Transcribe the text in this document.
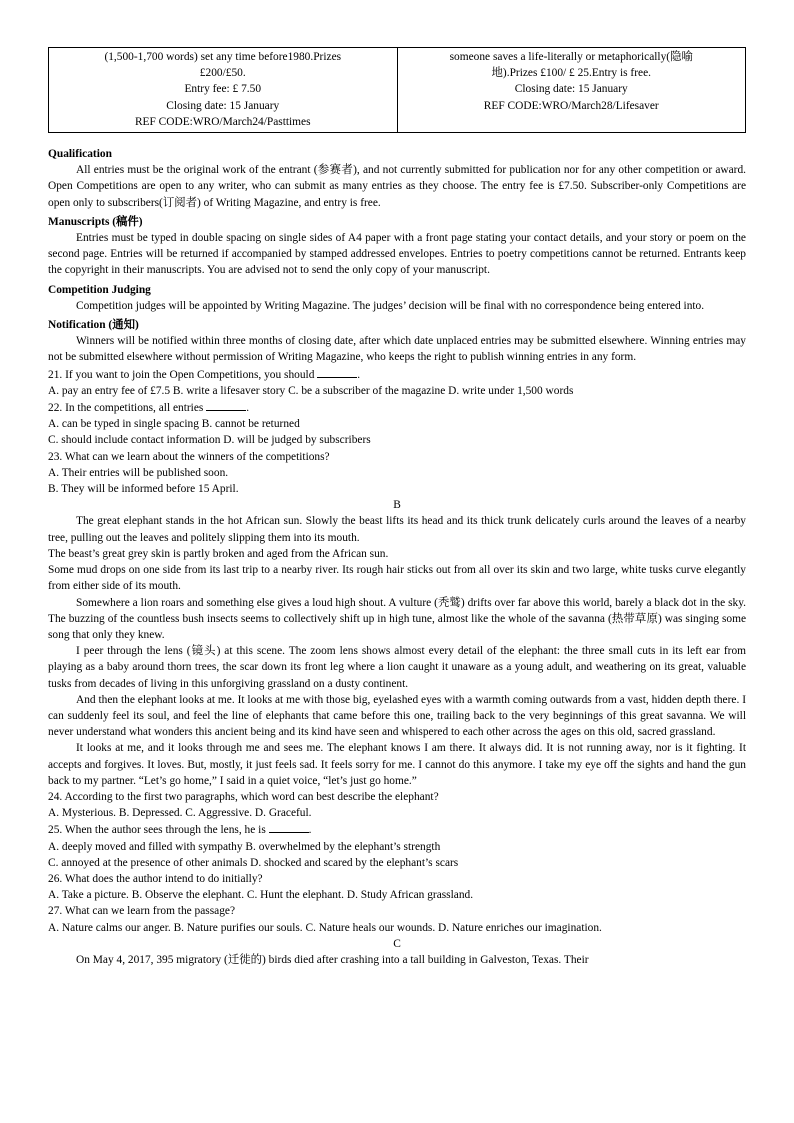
(1,500-1,700 words) set any time before1980.Prizes
£200/£50.
Entry fee: £ 7.50
Closing date: 15 January
REF CODE:WRO/March24/Pasttimes

someone saves a life-literally or metaphorically(隐喻
地).Prizes £100/ £ 25.Entry is free.
Closing date: 15 January
REF CODE:WRO/March28/Lifesaver
Qualification

All entries must be the original work of the entrant (参赛者), and not currently submitted for publication nor for any other competition or award. Open Competitions are open to any writer, who can submit as many entries as they choose. The entry fee is £7.50. Subscriber-only Competitions are open only to subscribers(订阅者) of Writing Magazine, and entry is free.

Manuscripts (稿件)

Entries must be typed in double spacing on single sides of A4 paper with a front page stating your contact details, and your story or poem on the second page. Entries will be returned if accompanied by stamped addressed envelopes. Entries to poetry competitions cannot be returned. Entrants keep the copyright in their manuscripts. You are advised not to send the only copy of your manuscript.

Competition Judging

Competition judges will be appointed by Writing Magazine. The judges’ decision will be final with no correspondence being entered into.

Notification (通知)

Winners will be notified within three months of closing date, after which date unplaced entries may be submitted elsewhere. Winning entries may not be submitted elsewhere without permission of Writing Magazine, who keeps the right to publish winning entries in any form.

21. If you want to join the Open Competitions, you should	.
A. pay an entry fee of £7.5 B. write a lifesaver story C. be a subscriber of the magazine D. write under 1,500 words
22. In the competitions, all entries	.
A. can be typed in single spacing B. cannot be returned
C. should include contact information D. will be judged by subscribers
23. What can we learn about the winners of the competitions?
A. Their entries will be published soon.
B. They will be informed before 15 April.
B

The great elephant stands in the hot African sun. Slowly the beast lifts its head and its thick trunk delicately curls around the leaves of a nearby tree, pulling out the leaves and politely slipping them into its mouth.

The beast’s great grey skin is partly broken and aged from the African sun.

Some mud drops on one side from its last trip to a nearby river. Its rough hair sticks out from all over its skin and two large, white tusks curve elegantly from either side of its mouth.

Somewhere a lion roars and something else gives a loud high shout. A vulture (秃鹫) drifts over far above this world, barely a black dot in the sky. The buzzing of the countless bush insects seems to collectively shift up in high tune, almost like the whole of the savanna (热带草原) was singing some song that only they knew.

I peer through the lens (镜头) at this scene. The zoom lens shows almost every detail of the elephant: the three small cuts in its left ear from playing as a baby around thorn trees, the scar down its front leg where a lion caught it unaware as a young adult, and weathering on its great, valuable tusks from decades of living in this unforgiving grassland on a dusty continent.

And then the elephant looks at me. It looks at me with those big, eyelashed eyes with a warmth coming outwards from a vast, hidden depth there. I can suddenly feel its soul, and feel the line of elephants that came before this one, trailing back to the very beginnings of this great savanna. We will never understand what wonders this ancient being and its kind have seen and whispered to each other across the ages on this old, sacred grassland.

It looks at me, and it looks through me and sees me. The elephant knows I am there. It always did. It is not running away, nor is it fighting. It accepts and forgives. It loves. But, mostly, it just feels sad. It feels sorry for me. I cannot do this anymore. I take my eye off the sights and hand the gun back to my partner. “Let’s go home,” I said in a quiet voice, “let’s just go home.”

24. According to the first two paragraphs, which word can best describe the elephant?
A. Mysterious. B. Depressed. C. Aggressive. D. Graceful.
25. When the author sees through the lens, he is	.
A. deeply moved and filled with sympathy B. overwhelmed by the elephant’s strength
C. annoyed at the presence of other animals D. shocked and scared by the elephant’s scars
26. What does the author intend to do initially?
A. Take a picture. B. Observe the elephant. C. Hunt the elephant. D. Study African grassland.
27. What can we learn from the passage?
A. Nature calms our anger. B. Nature purifies our souls. C. Nature heals our wounds. D. Nature enriches our imagination.
C

On May 4, 2017, 395 migratory (迁徙的) birds died after crashing into a tall building in Galveston, Texas. Their
